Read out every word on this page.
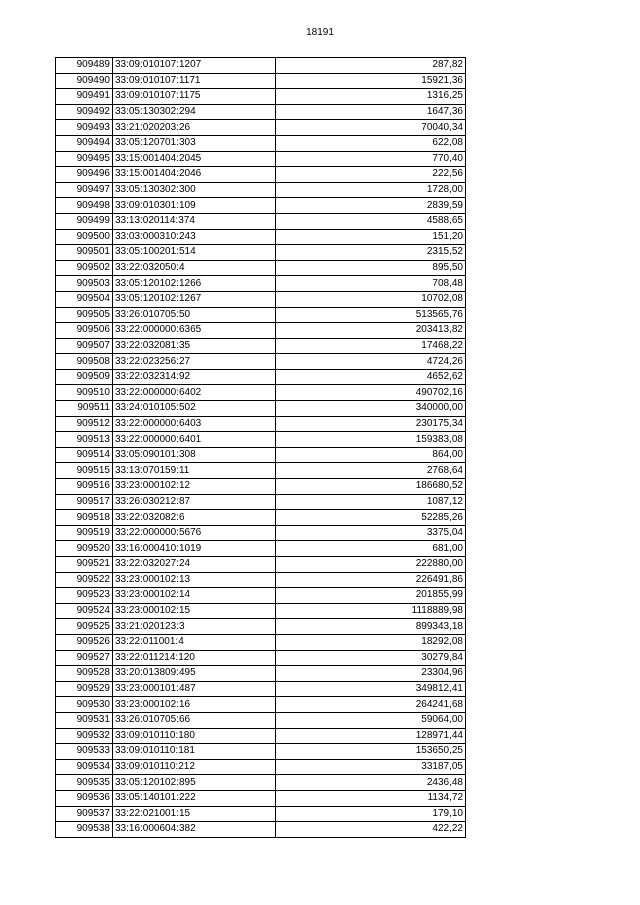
18191
909489	33:09:010107:1207	287,82
909490	33:09:010107:1171	15921,36
909491	33:09:010107:1175	1316,25
909492	33:05:130302:294	1647,36
909493	33:21:020203:26	70040,34
909494	33:05:120701:303	622,08
909495	33:15:001404:2045	770,40
909496	33:15:001404:2046	222,56
909497	33:05:130302:300	1728,00
909498	33:09:010301:109	2839,59
909499	33:13:020114:374	4588,65
909500	33:03:000310:243	151,20
909501	33:05:100201:514	2315,52
909502	33:22:032050:4	895,50
909503	33:05:120102:1266	708,48
909504	33:05:120102:1267	10702,08
909505	33:26:010705:50	513565,76
909506	33:22:000000:6365	203413,82
909507	33:22:032081:35	17468,22
909508	33:22:023256:27	4724,26
909509	33:22:032314:92	4652,62
909510	33:22:000000:6402	490702,16
909511	33:24:010105:502	340000,00
909512	33:22:000000:6403	230175,34
909513	33:22:000000:6401	159383,08
909514	33:05:090101:308	864,00
909515	33:13:070159:11	2768,64
909516	33:23:000102:12	186680,52
909517	33:26:030212:87	1087,12
909518	33:22:032082:6	52285,26
909519	33:22:000000:5676	3375,04
909520	33:16:000410:1019	681,00
909521	33:22:032027:24	222880,00
909522	33:23:000102:13	226491,86
909523	33:23:000102:14	201855,99
909524	33:23:000102:15	1118889,98
909525	33:21:020123:3	899343,18
909526	33:22:011001:4	18292,08
909527	33:22:011214:120	30279,84
909528	33:20:013809:495	23304,96
909529	33:23:000101:487	349812,41
909530	33:23:000102:16	264241,68
909531	33:26:010705:66	59064,00
909532	33:09:010110:180	128971,44
909533	33:09:010110:181	153650,25
909534	33:09:010110:212	33187,05
909535	33:05:120102:895	2436,48
909536	33:05:140101:222	1134,72
909537	33:22:021001:15	179,10
909538	33:16:000604:382	422,22
